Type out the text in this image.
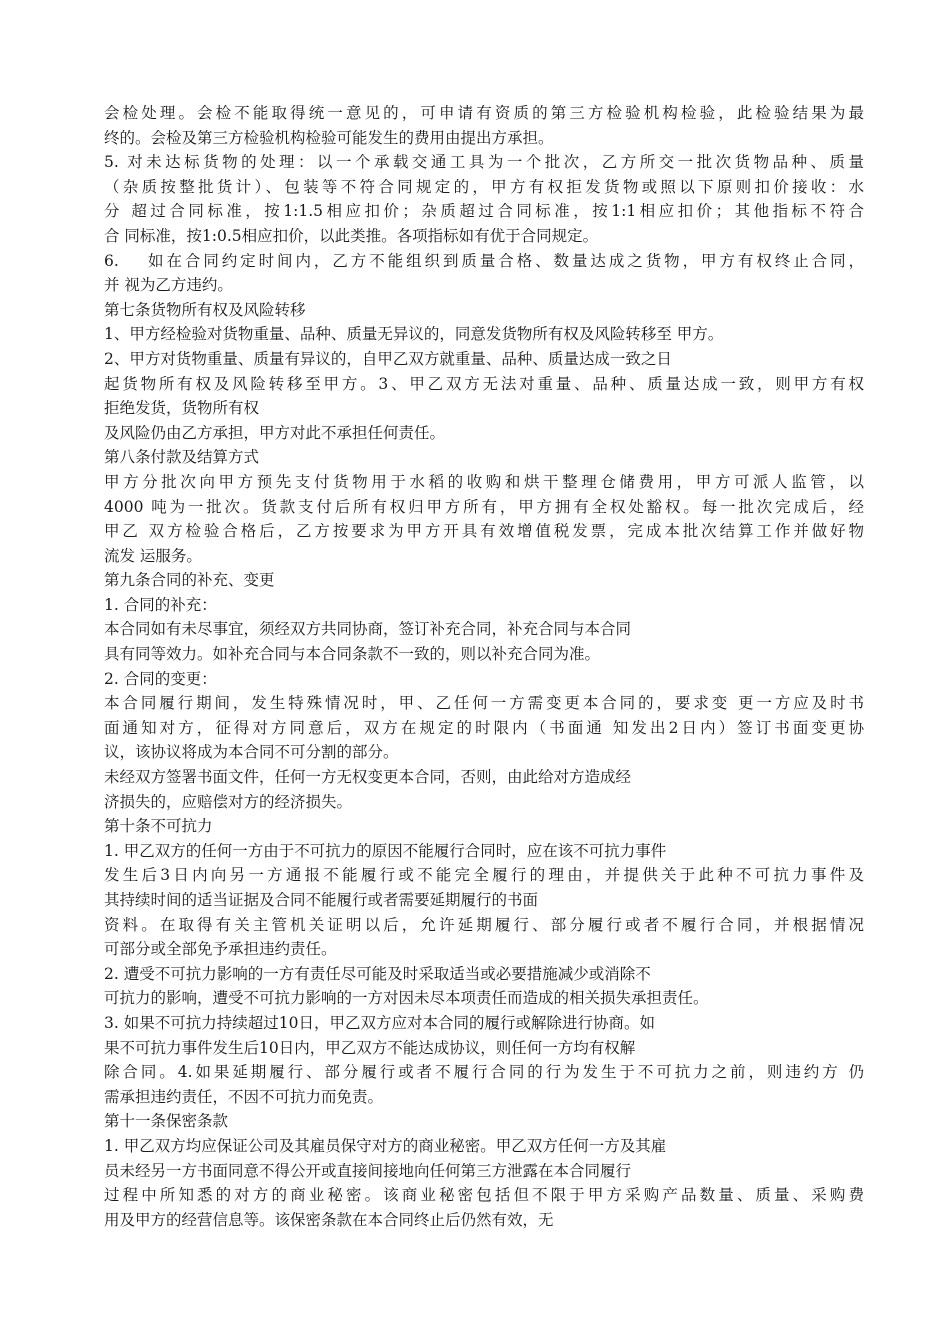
会检处理。会检不能取得统一意见的，可申请有资质的第三方检验机构检验，此检验结果为最
终的。会检及第三方检验机构检验可能发生的费用由提出方承担。
5. 对未达标货物的处理：以一个承载交通工具为一个批次，乙方所交一批次货物品种、质量
（杂质按整批货计）、包装等不符合同规定的，甲方有权拒发货物或照以下原则扣价接收：水
分 超过合同标准，按1:1.5相应扣价；杂质超过合同标准，按1:1相应扣价；其他指标不符合
合 同标准，按1:0.5相应扣价，以此类推。各项指标如有优于合同规定。
6.　 如在合同约定时间内，乙方不能组织到质量合格、数量达成之货物，甲方有权终止合同，
并 视为乙方违约。
第七条货物所有权及风险转移
1、甲方经检验对货物重量、品种、质量无异议的，同意发货物所有权及风险转移至 甲方。
2、甲方对货物重量、质量有异议的，自甲乙双方就重量、品种、质量达成一致之日
起货物所有权及风险转移至甲方。3、甲乙双方无法对重量、品种、质量达成一致，则甲方有权
拒绝发货，货物所有权
及风险仍由乙方承担，甲方对此不承担任何责任。
第八条付款及结算方式
甲方分批次向甲方预先支付货物用于水稻的收购和烘干整理仓储费用，甲方可派人监管，以
4000 吨为一批次。货款支付后所有权归甲方所有，甲方拥有全权处豁权。每一批次完成后，经
甲乙 双方检验合格后，乙方按要求为甲方开具有效增值税发票，完成本批次结算工作并做好物
流发 运服务。
第九条合同的补充、变更
1. 合同的补充：
本合同如有未尽事宜，须经双方共同协商，签订补充合同，补充合同与本合同
具有同等效力。如补充合同与本合同条款不一致的，则以补充合同为准。
2. 合同的变更：
本合同履行期间，发生特殊情况时，甲、乙任何一方需变更本合同的，要求变 更一方应及时书
面通知对方，征得对方同意后，双方在规定的时限内（书面通 知发出2日内）签订书面变更协
议，该协议将成为本合同不可分割的部分。
未经双方签署书面文件，任何一方无权变更本合同，否则，由此给对方造成经
济损失的，应赔偿对方的经济损失。
第十条不可抗力
1. 甲乙双方的任何一方由于不可抗力的原因不能履行合同时，应在该不可抗力事件
发生后3日内向另一方通报不能履行或不能完全履行的理由，并提供关于此种不可抗力事件及
其持续时间的适当证据及合同不能履行或者需要延期履行的书面
资料。在取得有关主管机关证明以后，允许延期履行、部分履行或者不履行合同，并根据情况
可部分或全部免予承担违约责任。
2. 遭受不可抗力影响的一方有责任尽可能及时采取适当或必要措施减少或消除不
可抗力的影响，遭受不可抗力影响的一方对因未尽本项责任而造成的相关损失承担责任。
3. 如果不可抗力持续超过10日，甲乙双方应对本合同的履行或解除进行协商。如
果不可抗力事件发生后10日内，甲乙双方不能达成协议，则任何一方均有权解
除合同。4.如果延期履行、部分履行或者不履行合同的行为发生于不可抗力之前，则违约方 仍
需承担违约责任，不因不可抗力而免责。
第十一条保密条款
1. 甲乙双方均应保证公司及其雇员保守对方的商业秘密。甲乙双方任何一方及其雇
员未经另一方书面同意不得公开或直接间接地向任何第三方泄露在本合同履行
过程中所知悉的对方的商业秘密。该商业秘密包括但不限于甲方采购产品数量、质量、采购费
用及甲方的经营信息等。该保密条款在本合同终止后仍然有效，无
